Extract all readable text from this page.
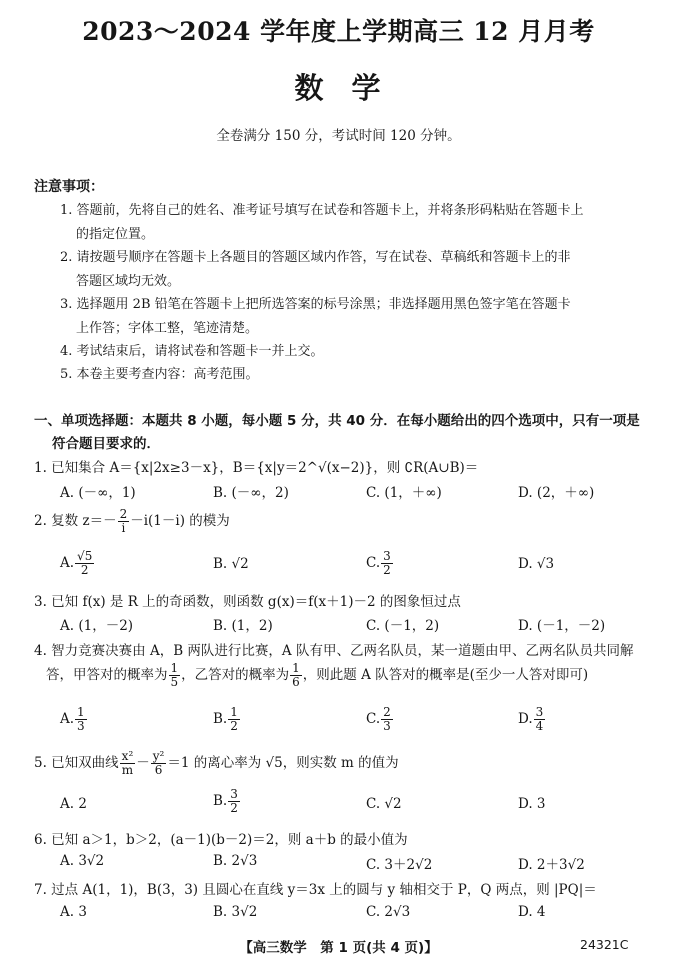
2023～2024 学年度上学期高三 12 月月考
数学
全卷满分 150 分，考试时间 120 分钟。
注意事项：
1. 答题前，先将自己的姓名、准考证号填写在试卷和答题卡上，并将条形码粘贴在答题卡上
的指定位置。
2. 请按题号顺序在答题卡上各题目的答题区域内作答，写在试卷、草稿纸和答题卡上的非
答题区域均无效。
3. 选择题用 2B 铅笔在答题卡上把所选答案的标号涂黑；非选择题用黑色签字笔在答题卡
上作答；字体工整，笔迹清楚。
4. 考试结束后，请将试卷和答题卡一并上交。
5. 本卷主要考查内容：高考范围。
一、单项选择题：本题共 8 小题，每小题 5 分，共 40 分．在每小题给出的四个选项中，只有一项是
符合题目要求的．
1. 已知集合 A＝{x|2x≥3－x}，B＝{x|y＝2^√(x−2)}，则 ∁R(A∪B)＝
A. (－∞，1)	B. (－∞，2)	C. (1，＋∞)	D. (2，＋∞)
2. 复数 $z=- \frac{2}{i} -i(1-i)$ 的模为
A. $\frac{√5}{2}$	B. √2	C. $\frac{3}{2}$	D. √3
3. 已知 f(x) 是 R 上的奇函数，则函数 g(x)＝f(x＋1)－2 的图象恒过点
A. (1，－2)	B. (1，2)	C. (－1，2)	D. (－1，－2)
4. 智力竞赛决赛由 A，B 两队进行比赛，A 队有甲、乙两名队员，某一道题由甲、乙两名队员共同解
答，甲答对的概率为 $\frac{1}{5}$ ，乙答对的概率为 $\frac{1}{6}$ ，则此题 A 队答对的概率是(至少一人答对即可)
A. $\frac{1}{3}$	B. $\frac{1}{2}$	C. $\frac{2}{3}$	D. $\frac{3}{4}$
5. 已知双曲线 $\frac{\text{x²}}{m} - \frac{\text{y²}}{6} =1$ 的离心率为 √5，则实数 m 的值为
A. 2	B. $\frac{3}{2}$	C. √2	D. 3
6. 已知 a＞1，b＞2，(a－1)(b－2)＝2，则 a＋b 的最小值为
A. 3√2	B. 2√3	C. 3＋2√2	D. 2＋3√2
7. 过点 A(1，1)，B(3，3) 且圆心在直线 y＝3x 上的圆与 y 轴相交于 P，Q 两点，则 |PQ|＝
A. 3	B. 3√2	C. 2√3	D. 4
【高三数学　第 1 页(共 4 页)】	24321C
